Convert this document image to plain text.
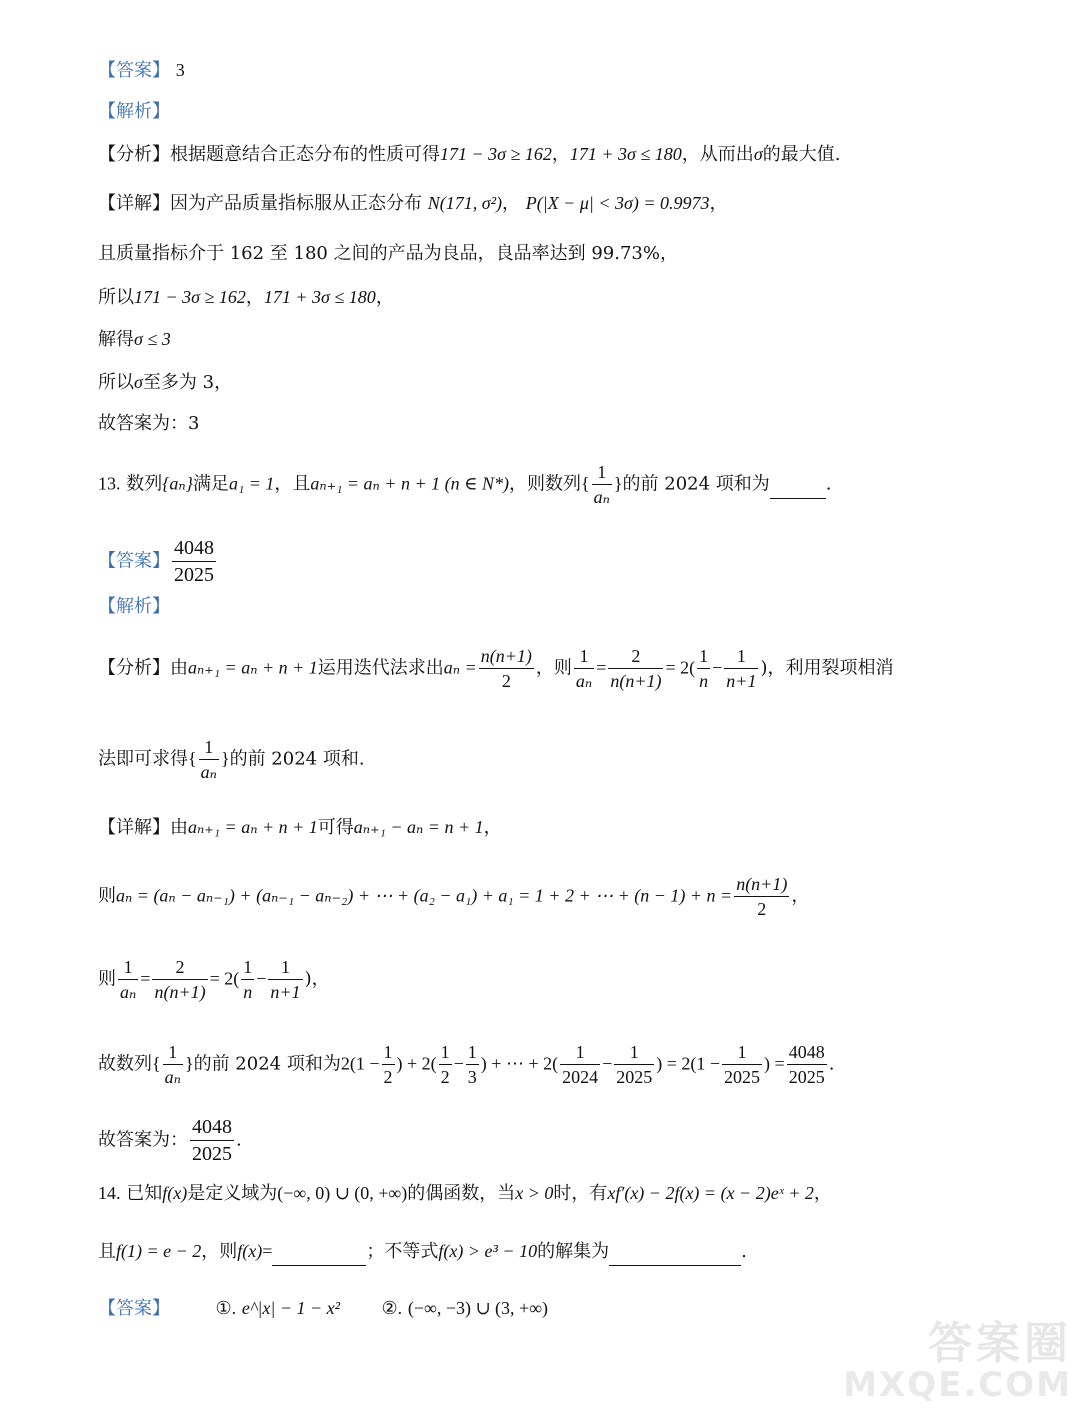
【答案】 3
【解析】
【分析】根据题意结合正态分布的性质可得171 − 3σ ≥ 162，171 + 3σ ≤ 180，从而出σ的最大值.
【详解】因为产品质量指标服从正态分布 N(171, σ²)， P(|X − μ| < 3σ) = 0.9973，
且质量指标介于 162 至 180 之间的产品为良品，良品率达到 99.73%，
所以171 − 3σ ≥ 162，171 + 3σ ≤ 180，
解得σ ≤ 3
所以σ至多为 3，
故答案为：3
13. 数列{aₙ}满足a₁ = 1，且aₙ₊₁ = aₙ + n + 1 (n ∈ N*)，则数列{ $\frac{1}{\text{aₙ}}$ }的前 2024 项和为	.
【答案】 $\frac{4048}{2025}$
【解析】
【分析】由aₙ₊₁ = aₙ + n + 1运用迭代法求出$a_n = \frac{n(n+1)}{2}$ ，则 $\frac{1}{\text{aₙ}} = \frac{2}{n(n+1)} = 2( \frac{1}{n} - \frac{1}{n+1}$ )，利用裂项相消
法即可求得{ $\frac{1}{\text{aₙ}}$ }的前 2024 项和.
【详解】由aₙ₊₁ = aₙ + n + 1可得aₙ₊₁ − aₙ = n + 1，
则aₙ = (aₙ − aₙ₋₁) + (aₙ₋₁ − aₙ₋₂) + ⋯ + (a₂ − a₁) + a₁ = 1 + 2 + ⋯ + $(n - 1) + n = \frac{n(n+1)}{2}$ ，
则 $\frac{1}{\text{aₙ}} = \frac{2}{n(n+1)} = 2( \frac{1}{n} - \frac{1}{n+1}$ )，
故数列{ $\frac{1}{\text{aₙ}}$ }的前 2024 项和为$2(1 - \frac{1}{2}$ ) + $2( \frac{1}{2} - \frac{1}{3}$ ) + ⋯ + $2( \frac{1}{2024} - \frac{1}{2025}$ ) = $2(1 - \frac{1}{2025}$ ) = $\frac{4048}{2025}$ .
故答案为： $\frac{4048}{2025}$ .
14. 已知f(x)是定义域为(−∞, 0) ∪ (0, +∞)的偶函数，当x > 0时，有xf′(x) − 2f(x) = (x − 2)eˣ + 2，
且f(1) = e − 2，则f(x)=	；不等式f(x) > e³ − 10的解集为	.
【答案】	①. e^|x| − 1 − x² ②. (−∞, −3) ∪ (3, +∞)
答案圈
MXQE.COM
